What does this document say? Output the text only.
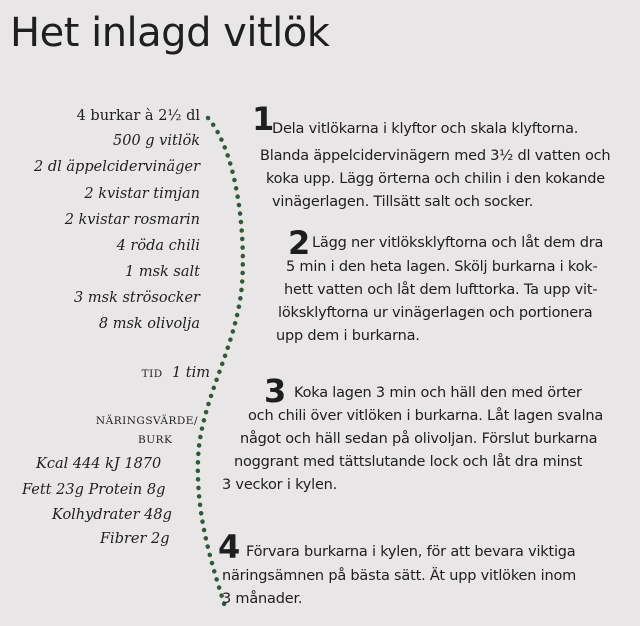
Het inlagd vitlök
4 burkar à 2½ dl
500 g vitlök
2 dl äppelcidervinäger
2 kvistar timjan
2 kvistar rosmarin
4 röda chili
1 msk salt
3 msk strösocker
8 msk olivolja
TID 1 tim
NÄRINGSVÄRDE/
BURK
Kcal 444 kJ 1870
Fett 23g Protein 8g
Kolhydrater 48g
Fibrer 2g
1
Dela vitlökarna i klyftor och skala klyftorna.
Blanda äppelcidervinägern med 3½ dl vatten och
koka upp. Lägg örterna och chilin i den kokande
vinägerlagen. Tillsätt salt och socker.
2 Lägg ner vitlöksklyftorna och låt dem dra
5 min i den heta lagen. Skölj burkarna i kok-
hett vatten och låt dem lufttorka. Ta upp vit-
löksklyftorna ur vinägerlagen och portionera
upp dem i burkarna.
3 Koka lagen 3 min och häll den med örter
och chili över vitlöken i burkarna. Låt lagen svalna
något och häll sedan på olivoljan. Förslut burkarna
noggrant med tättslutande lock och låt dra minst
3 veckor i kylen.
4 Förvara burkarna i kylen, för att bevara viktiga
näringsämnen på bästa sätt. Ät upp vitlöken inom
3 månader.
